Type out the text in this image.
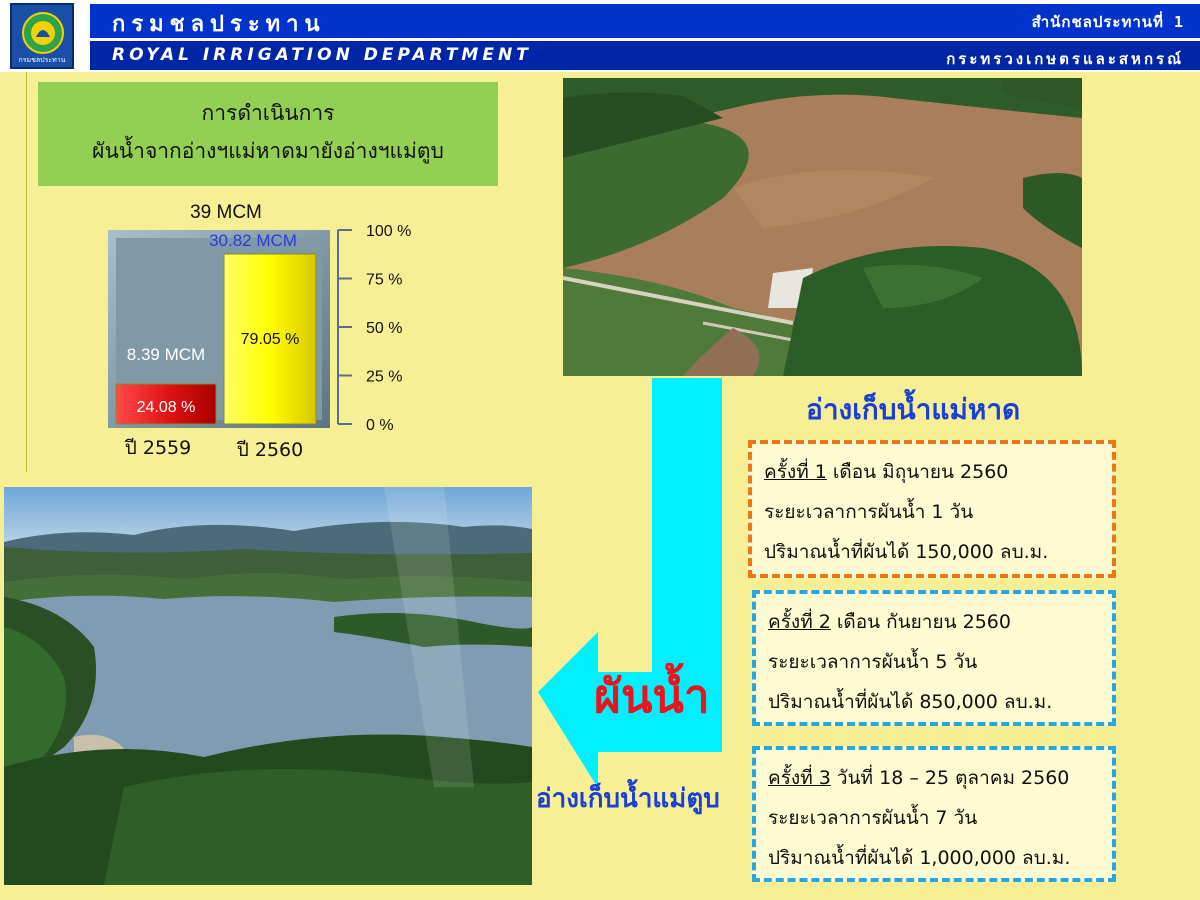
กรมชลประทาน
กรมชลประทาน
ROYAL IRRIGATION DEPARTMENT
สำนักชลประทานที่ 1
กระทรวงเกษตรและสหกรณ์
การดำเนินการ
ผันน้ำจากอ่างฯแม่หาดมายังอ่างฯแม่ตูบ
100 %
75 %
50 %
25 %
0 %
24.08 %
79.05 %
8.39 MCM
30.82 MCM
39 MCM
ปี 2559 ปี 2560
ผันน้ำ
อ่างเก็บน้ำแม่หาด
อ่างเก็บน้ำแม่ตูบ
ครั้งที่ 1 เดือน มิถุนายน 2560
ระยะเวลาการผันน้ำ 1 วัน
ปริมาณน้ำที่ผันได้ 150,000 ลบ.ม.
ครั้งที่ 2 เดือน กันยายน 2560
ระยะเวลาการผันน้ำ 5 วัน
ปริมาณน้ำที่ผันได้ 850,000 ลบ.ม.
ครั้งที่ 3 วันที่ 18 – 25 ตุลาคม 2560
ระยะเวลาการผันน้ำ 7 วัน
ปริมาณน้ำที่ผันได้ 1,000,000 ลบ.ม.
